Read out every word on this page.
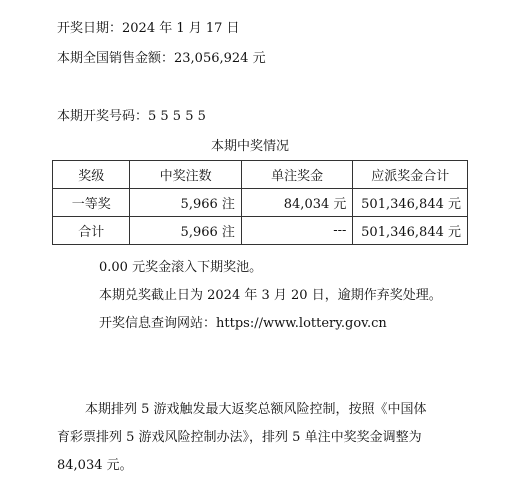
开奖日期：2024 年 1 月 17 日
本期全国销售金额：23,056,924 元
本期开奖号码：5 5 5 5 5
本期中奖情况
奖级	中奖注数	单注奖金	应派奖金合计
一等奖	5,966 注	84,034 元	501,346,844 元
合计	5,966 注	---	501,346,844 元
0.00 元奖金滚入下期奖池。
本期兑奖截止日为 2024 年 3 月 20 日，逾期作弃奖处理。
开奖信息查询网站：https://www.lottery.gov.cn
本期排列 5 游戏触发最大返奖总额风险控制，按照《中国体
育彩票排列 5 游戏风险控制办法》，排列 5 单注中奖奖金调整为
84,034 元。
